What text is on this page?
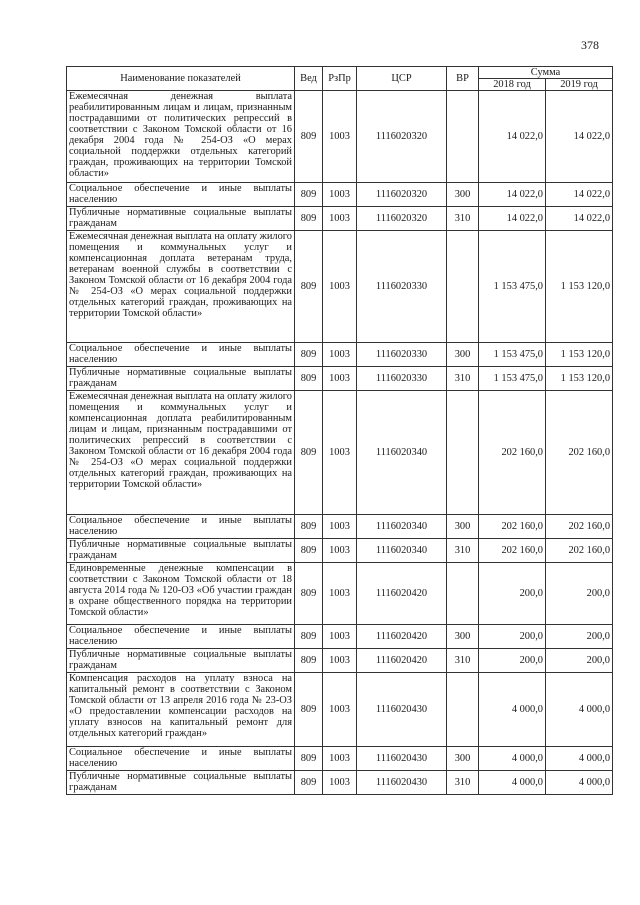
378
Наименование показателей	Вед	РзПр	ЦСР	ВР	Сумма	
					2018 год	2019 год
Ежемесячная денежная выплата реабилитированным лицам и лицам, признанным пострадавшими от политических репрессий в соответствии с Законом Томской области от 16 декабря 2004 года № 254-ОЗ «О мерах социальной поддержки отдельных категорий граждан, проживающих на территории Томской области»	809	1003	1116020320		14 022,0	14 022,0
Социальное обеспечение и иные выплаты населению	809	1003	1116020320	300	14 022,0	14 022,0
Публичные нормативные социальные выплаты гражданам	809	1003	1116020320	310	14 022,0	14 022,0
Ежемесячная денежная выплата на оплату жилого помещения и коммунальных услуг и компенсационная доплата ветеранам труда, ветеранам военной службы в соответствии с Законом Томской области от 16 декабря 2004 года № 254-ОЗ «О мерах социальной поддержки отдельных категорий граждан, проживающих на территории Томской области»	809	1003	1116020330		1 153 475,0	1 153 120,0
Социальное обеспечение и иные выплаты населению	809	1003	1116020330	300	1 153 475,0	1 153 120,0
Публичные нормативные социальные выплаты гражданам	809	1003	1116020330	310	1 153 475,0	1 153 120,0
Ежемесячная денежная выплата на оплату жилого помещения и коммунальных услуг и компенсационная доплата реабилитированным лицам и лицам, признанным пострадавшими от политических репрессий в соответствии с Законом Томской области от 16 декабря 2004 года № 254-ОЗ «О мерах социальной поддержки отдельных категорий граждан, проживающих на территории Томской области»	809	1003	1116020340		202 160,0	202 160,0
Социальное обеспечение и иные выплаты населению	809	1003	1116020340	300	202 160,0	202 160,0
Публичные нормативные социальные выплаты гражданам	809	1003	1116020340	310	202 160,0	202 160,0
Единовременные денежные компенсации в соответствии с Законом Томской области от 18 августа 2014 года № 120-ОЗ «Об участии граждан в охране общественного порядка на территории Томской области»	809	1003	1116020420		200,0	200,0
Социальное обеспечение и иные выплаты населению	809	1003	1116020420	300	200,0	200,0
Публичные нормативные социальные выплаты гражданам	809	1003	1116020420	310	200,0	200,0
Компенсация расходов на уплату взноса на капитальный ремонт в соответствии с Законом Томской области от 13 апреля 2016 года № 23-ОЗ «О предоставлении компенсации расходов на уплату взносов на капитальный ремонт для отдельных категорий граждан»	809	1003	1116020430		4 000,0	4 000,0
Социальное обеспечение и иные выплаты населению	809	1003	1116020430	300	4 000,0	4 000,0
Публичные нормативные социальные выплаты гражданам	809	1003	1116020430	310	4 000,0	4 000,0
